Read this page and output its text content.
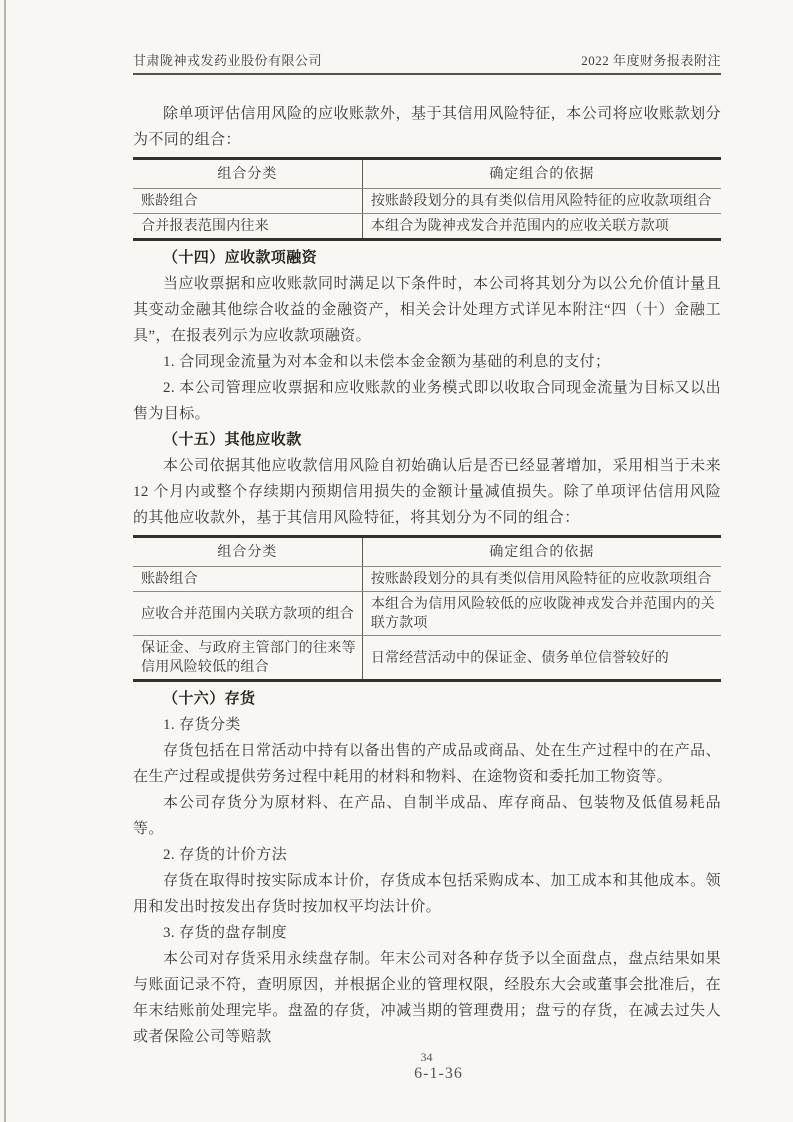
甘肃陇神戎发药业股份有限公司	2022 年度财务报表附注

除单项评估信用风险的应收账款外，基于其信用风险特征，本公司将应收账款划分为不同的组合：

组合分类	确定组合的依据
账龄组合	按账龄段划分的具有类似信用风险特征的应收款项组合
合并报表范围内往来	本组合为陇神戎发合并范围内的应收关联方款项

（十四）应收款项融资

当应收票据和应收账款同时满足以下条件时，本公司将其划分为以公允价值计量且其变动金融其他综合收益的金融资产，相关会计处理方式详见本附注“四（十）金融工具”，在报表列示为应收款项融资。

1. 合同现金流量为对本金和以未偿本金金额为基础的利息的支付；

2. 本公司管理应收票据和应收账款的业务模式即以收取合同现金流量为目标又以出售为目标。

（十五）其他应收款

本公司依据其他应收款信用风险自初始确认后是否已经显著增加，采用相当于未来 12 个月内或整个存续期内预期信用损失的金额计量减值损失。除了单项评估信用风险的其他应收款外，基于其信用风险特征，将其划分为不同的组合：

组合分类	确定组合的依据
账龄组合	按账龄段划分的具有类似信用风险特征的应收款项组合
应收合并范围内关联方款项的组合	本组合为信用风险较低的应收陇神戎发合并范围内的关联方款项
保证金、与政府主管部门的往来等信用风险较低的组合	日常经营活动中的保证金、债务单位信誉较好的

（十六）存货

1. 存货分类

存货包括在日常活动中持有以备出售的产成品或商品、处在生产过程中的在产品、在生产过程或提供劳务过程中耗用的材料和物料、在途物资和委托加工物资等。

本公司存货分为原材料、在产品、自制半成品、库存商品、包装物及低值易耗品等。

2. 存货的计价方法

存货在取得时按实际成本计价，存货成本包括采购成本、加工成本和其他成本。领用和发出时按发出存货时按加权平均法计价。

3. 存货的盘存制度

本公司对存货采用永续盘存制。年末公司对各种存货予以全面盘点，盘点结果如果与账面记录不符，查明原因，并根据企业的管理权限，经股东大会或董事会批准后，在年末结账前处理完毕。盘盈的存货，冲减当期的管理费用；盘亏的存货，在减去过失人或者保险公司等赔款

34
6-1-36
